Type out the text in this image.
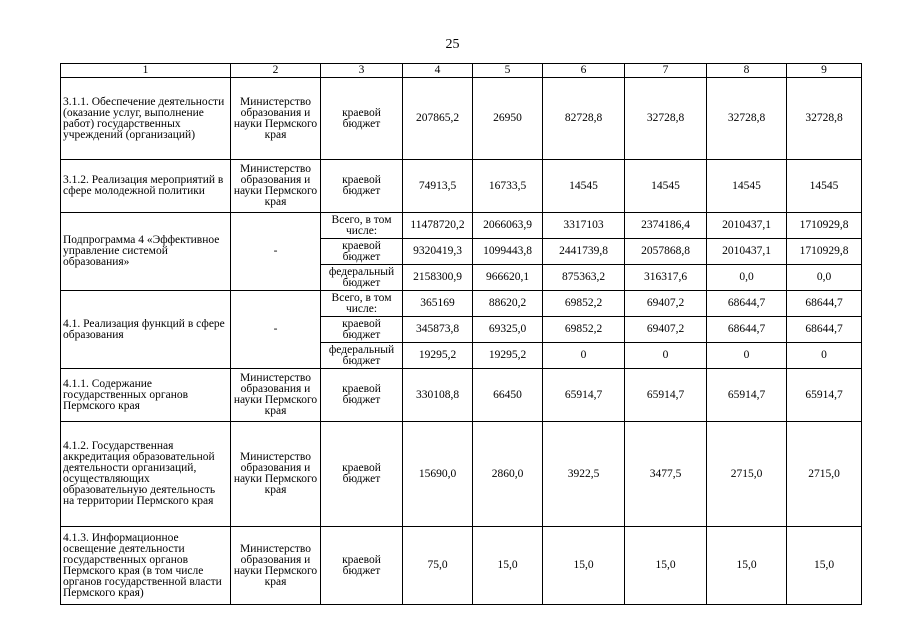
25
1	2	3	4	5	6	7	8	9
3.1.1. Обеспечение деятельности (оказание услуг, выполнение работ) государственных учреждений (организаций)	Министерство образования и науки Пермского края	краевой бюджет	207865,2	26950	82728,8	32728,8	32728,8	32728,8
3.1.2. Реализация мероприятий в сфере молодежной политики	Министерство образования и науки Пермского края	краевой бюджет	74913,5	16733,5	14545	14545	14545	14545
Подпрограмма 4 «Эффективное управление системой образования»	-	Всего, в том числе:	11478720,2	2066063,9	3317103	2374186,4	2010437,1	1710929,8
		краевой бюджет	9320419,3	1099443,8	2441739,8	2057868,8	2010437,1	1710929,8
		федеральный бюджет	2158300,9	966620,1	875363,2	316317,6	0,0	0,0
4.1. Реализация функций в сфере образования	-	Всего, в том числе:	365169	88620,2	69852,2	69407,2	68644,7	68644,7
		краевой бюджет	345873,8	69325,0	69852,2	69407,2	68644,7	68644,7
		федеральный бюджет	19295,2	19295,2	0	0	0	0
4.1.1. Содержание государственных органов Пермского края	Министерство образования и науки Пермского края	краевой бюджет	330108,8	66450	65914,7	65914,7	65914,7	65914,7
4.1.2. Государственная аккредитация образовательной деятельности организаций, осуществляющих образовательную деятельность на территории Пермского края	Министерство образования и науки Пермского края	краевой бюджет	15690,0	2860,0	3922,5	3477,5	2715,0	2715,0
4.1.3. Информационное освещение деятельности государственных органов Пермского края (в том числе органов государственной власти Пермского края)	Министерство образования и науки Пермского края	краевой бюджет	75,0	15,0	15,0	15,0	15,0	15,0
